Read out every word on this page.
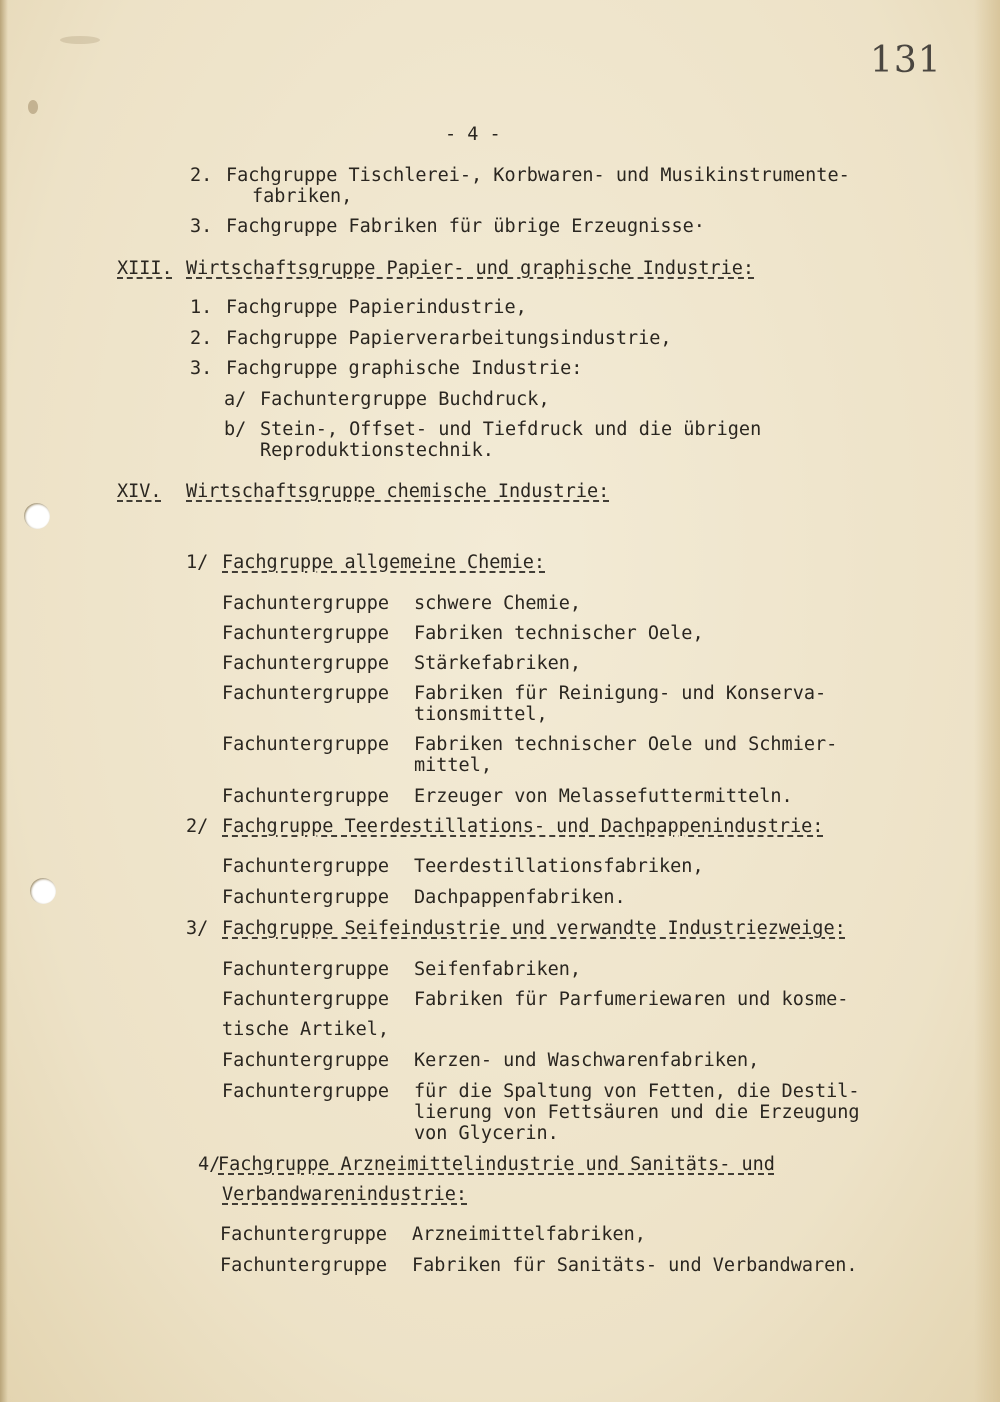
131
- 4 -
2. Fachgruppe Tischlerei-, Korbwaren- und Musikinstrumente-
fabriken,
3. Fachgruppe Fabriken für übrige Erzeugnisse·
XIII. Wirtschaftsgruppe Papier- und graphische Industrie:
1. Fachgruppe Papierindustrie,
2. Fachgruppe Papierverarbeitungsindustrie,
3. Fachgruppe graphische Industrie:
a/ Fachuntergruppe Buchdruck,
b/ Stein-, Offset- und Tiefdruck und die übrigen
Reproduktionstechnik.
XIV. Wirtschaftsgruppe chemische Industrie:
1/ Fachgruppe allgemeine Chemie:
Fachuntergruppe schwere Chemie,
Fachuntergruppe Fabriken technischer Oele,
Fachuntergruppe Stärkefabriken,
Fachuntergruppe Fabriken für Reinigung- und Konserva-
tionsmittel,
Fachuntergruppe Fabriken technischer Oele und Schmier-
mittel,
Fachuntergruppe Erzeuger von Melassefuttermitteln.
2/ Fachgruppe Teerdestillations- und Dachpappenindustrie:
Fachuntergruppe Teerdestillationsfabriken,
Fachuntergruppe Dachpappenfabriken.
3/ Fachgruppe Seifeindustrie und verwandte Industriezweige:
Fachuntergruppe Seifenfabriken,
Fachuntergruppe Fabriken für Parfumeriewaren und kosme-
tische Artikel,
Fachuntergruppe Kerzen- und Waschwarenfabriken,
Fachuntergruppe für die Spaltung von Fetten, die Destil-
lierung von Fettsäuren und die Erzeugung
von Glycerin.
4/
Fachgruppe Arzneimittelindustrie und Sanitäts- und
Verbandwarenindustrie:
Fachuntergruppe Arzneimittelfabriken,
Fachuntergruppe Fabriken für Sanitäts- und Verbandwaren.
